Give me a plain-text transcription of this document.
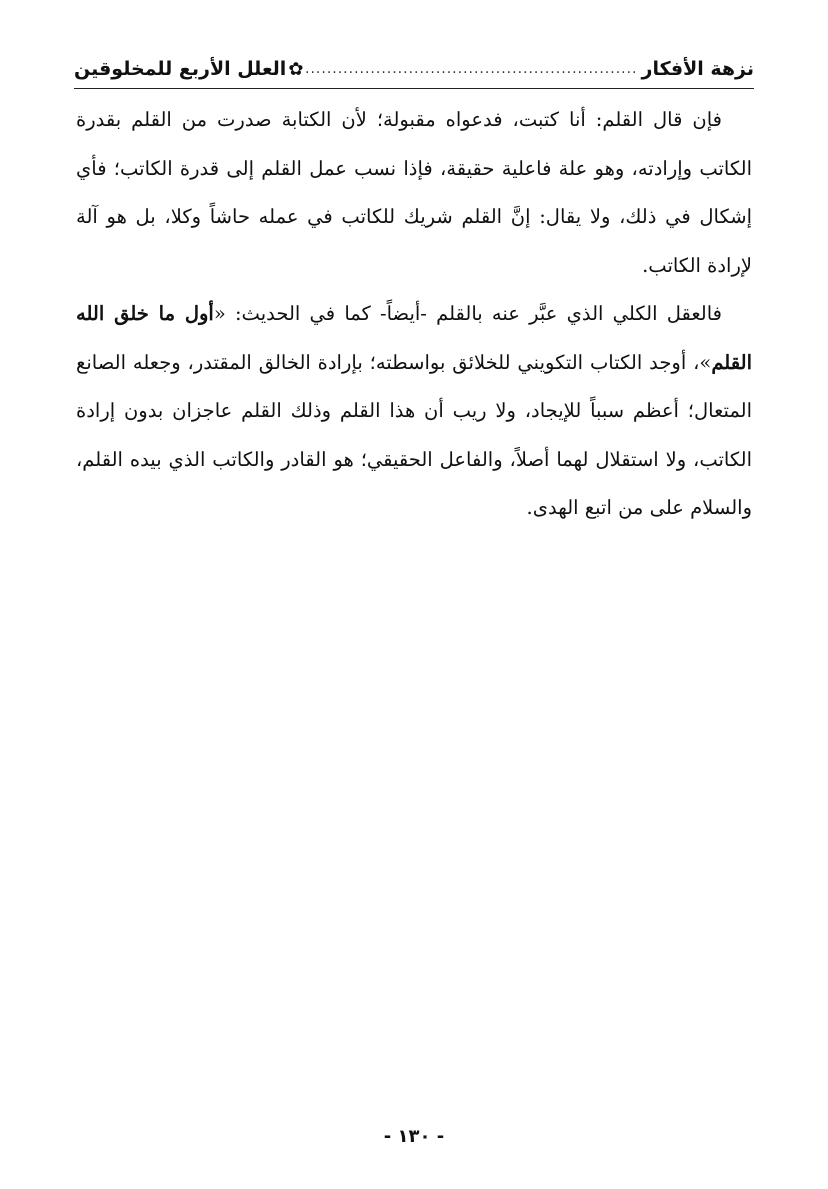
نزهة الأفكار
.....
✿
العلل الأربع للمخلوقين

فإن قال القلم: أنا كتبت، فدعواه مقبولة؛ لأن الكتابة صدرت من القلم بقدرة الكاتب وإرادته، وهو علة فاعلية حقيقة، فإذا نسب عمل القلم إلى قدرة الكاتب؛ فأي إشكال في ذلك، ولا يقال: إنَّ القلم شريك للكاتب في عمله حاشاً وكلا، بل هو آلة لإرادة الكاتب.

فالعقل الكلي الذي عبَّر عنه بالقلم -أيضاً- كما في الحديث: «أول ما خلق الله القلم»، أوجد الكتاب التكويني للخلائق بواسطته؛ بإرادة الخالق المقتدر، وجعله الصانع المتعال؛ أعظم سبباً للإيجاد، ولا ريب أن هذا القلم وذلك القلم عاجزان بدون إرادة الكاتب، ولا استقلال لهما أصلاً، والفاعل الحقيقي؛ هو القادر والكاتب الذي بيده القلم، والسلام على من اتبع الهدى.

- ١٣٠ -
